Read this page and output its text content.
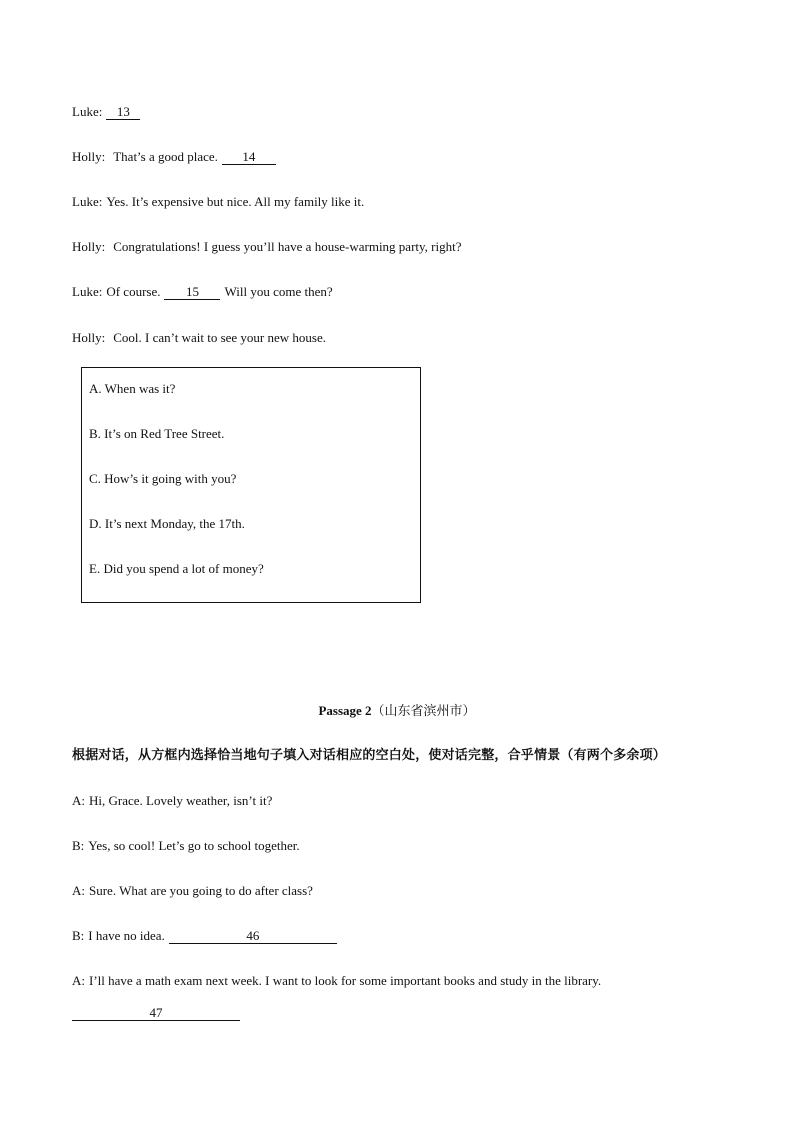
Luke: 13
Holly: That’s a good place. 14
Luke: Yes. It’s expensive but nice. All my family like it.
Holly: Congratulations! I guess you’ll have a house-warming party, right?
Luke: Of course. 15 Will you come then?
Holly: Cool. I can’t wait to see your new house.
A. When was it?
B. It’s on Red Tree Street.
C. How’s it going with you?
D. It’s next Monday, the 17th.
E. Did you spend a lot of money?
Passage 2（山东省滨州市）
根据对话，从方框内选择恰当地句子填入对话相应的空白处，使对话完整，合乎情景（有两个多余项）
A: Hi, Grace. Lovely weather, isn’t it?
B: Yes, so cool! Let’s go to school together.
A: Sure. What are you going to do after class?
B: I have no idea.	46
A: I’ll have a math exam next week. I want to look for some important books and study in the library.
47
